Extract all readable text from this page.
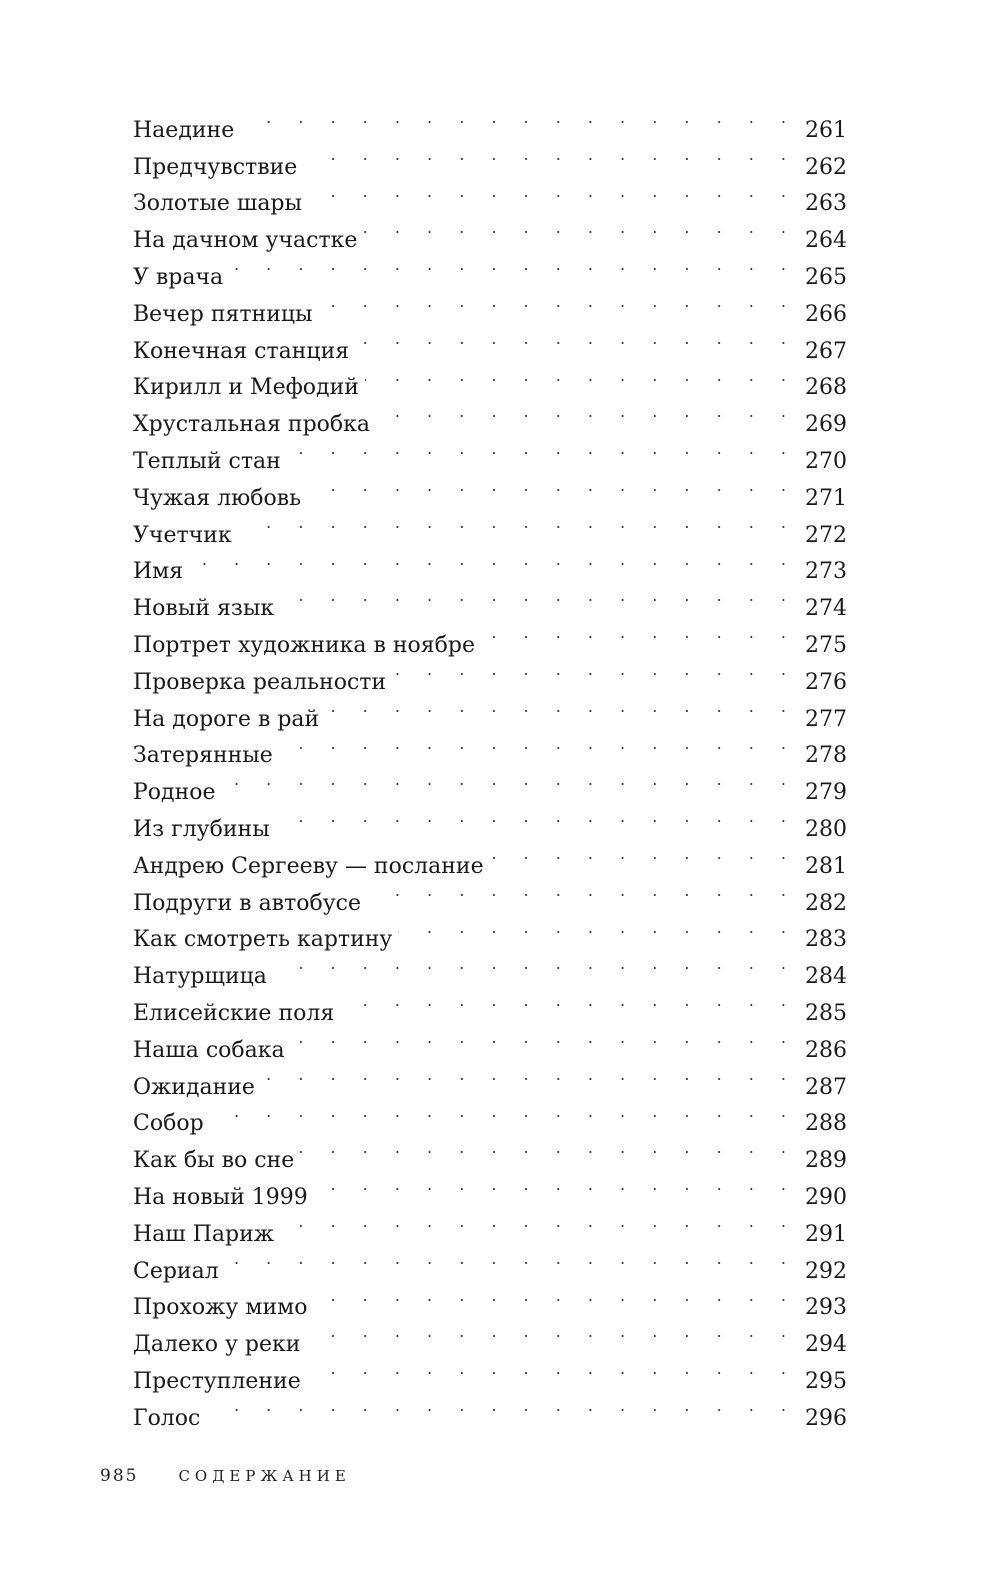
Наедине . . .	261
Предчувствие . . .	262
Золотые шары . . .	263
На дачном участке . . .	264
У врача . . .	265
Вечер пятницы . . .	266
Конечная станция . . .	267
Кирилл и Мефодий . . .	268
Хрустальная пробка . . .	269
Теплый стан . . .	270
Чужая любовь . . .	271
Учетчик . . .	272
Имя . . .	273
Новый язык . . .	274
Портрет художника в ноябре . . .	275
Проверка реальности . . .	276
На дороге в рай . . .	277
Затерянные . . .	278
Родное . . .	279
Из глубины . . .	280
Андрею Сергееву — послание . . .	281
Подруги в автобусе . . .	282
Как смотреть картину . . .	283
Натурщица . . .	284
Елисейские поля . . .	285
Наша собака . . .	286
Ожидание . . .	287
Собор . . .	288
Как бы во сне . . .	289
На новый 1999 . . .	290
Наш Париж . . .	291
Сериал . . .	292
Прохожу мимо . . .	293
Далеко у реки . . .	294
Преступление . . .	295
Голос . . .	296
985	СОДЕРЖАНИЕ
